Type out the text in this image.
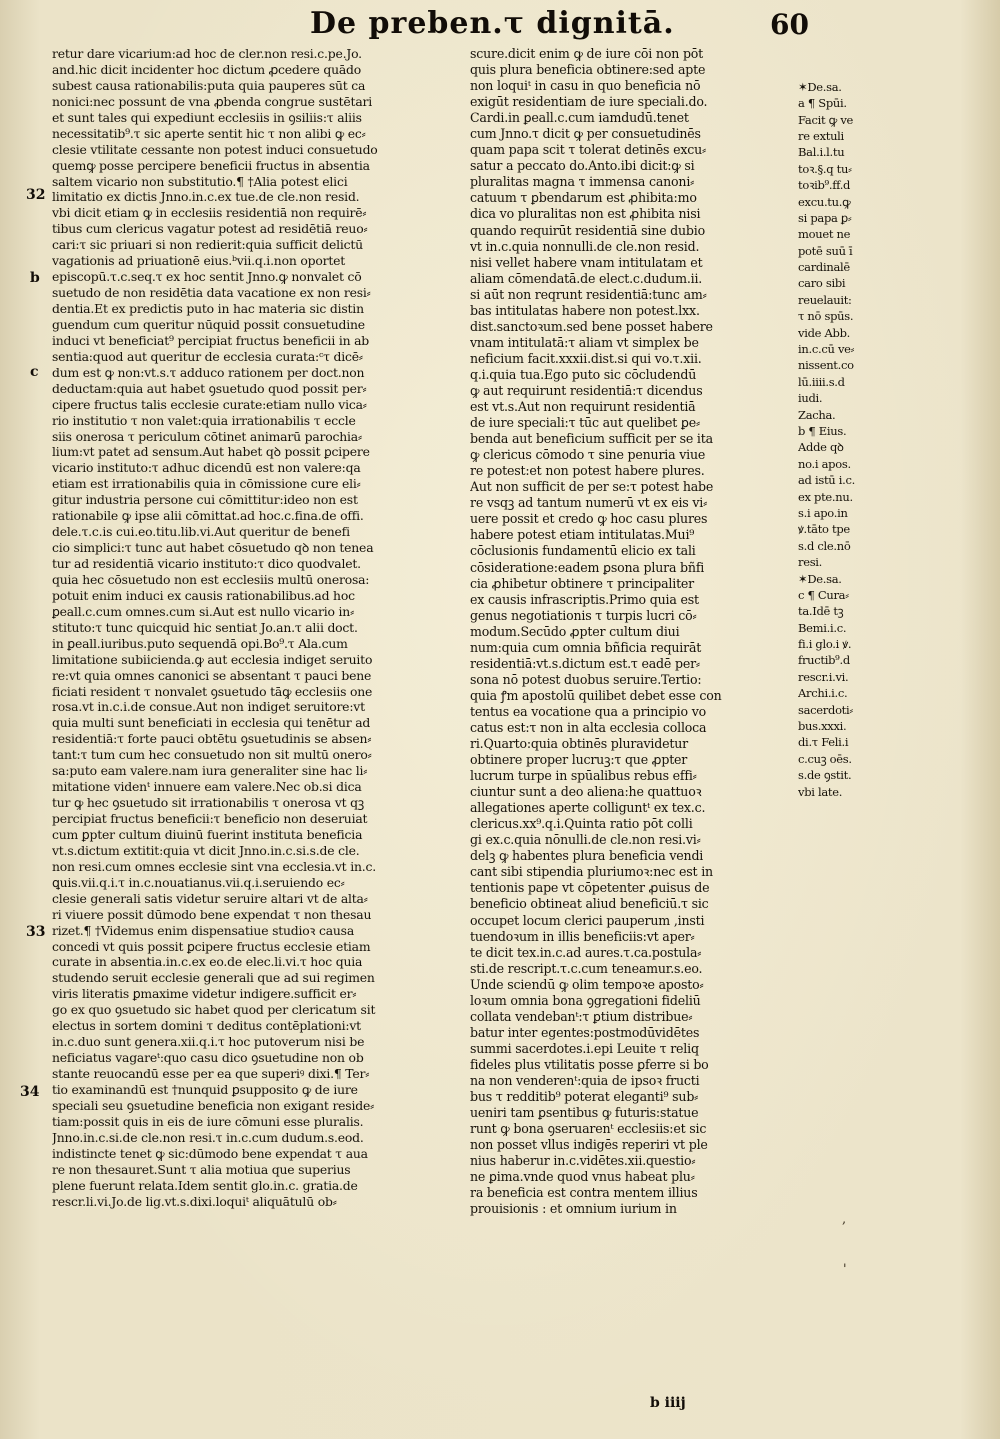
De preben.τ dignitā.	60
32
b
c
33
34
retur dare vicarium:ad hoc de cler.non resi.c.pe.Jo.
and.hic dicit incidenter hoc dictum ꝓcedere quādo
subest causa rationabilis:puta quia pauperes sūt ca
nonici:nec possunt de vna ꝓbenda congrue sustētari
et sunt tales qui expediunt ecclesiis in ꝯsiliis:τ aliis
necessitatib⁹.τ sic aperte sentit hic τ non alibi ꝙ ec⸗
clesie vtilitate cessante non potest induci consuetudo
quemꝙ posse percipere beneficii fructus in absentia
saltem vicario non substitutio.¶ †Alia potest elici
limitatio ex dictis Jnno.in.c.ex tue.de cle.non resid.
vbi dicit etiam ꝙ in ecclesiis residentiā non requirē⸗
tibus cum clericus vagatur potest ad residētiā reuo⸗
cari:τ sic priuari si non redierit:quia sufficit delictū
vagationis ad priuationē eius.ᵇvii.q.i.non oportet
episcopū.τ.c.seq.τ ex hoc sentit Jnno.ꝙ nonvalet cō
suetudo de non residētia data vacatione ex non resi⸗
dentia.Et ex predictis puto in hac materia sic distin
guendum cum queritur nūquid possit consuetudine
induci vt beneficiat⁹ percipiat fructus beneficii in ab
sentia:quod aut queritur de ecclesia curata:ᶜτ dicē⸗
dum est ꝙ non:vt.s.τ adduco rationem per doct.non
deductam:quia aut habet ꝯsuetudo quod possit per⸗
cipere fructus talis ecclesie curate:etiam nullo vica⸗
rio institutio τ non valet:quia irrationabilis τ eccle
siis onerosa τ periculum cōtinet animarū parochia⸗
lium:vt patet ad sensum.Aut habet qꝺ possit ꝑcipere
vicario instituto:τ adhuc dicendū est non valere:qa
etiam est irrationabilis quia in cōmissione cure eli⸗
gitur industria persone cui cōmittitur:ideo non est
rationabile ꝙ ipse alii cōmittat.ad hoc.c.fina.de offi.
dele.τ.c.is cui.eo.titu.lib.vi.Aut queritur de benefi
cio simplici:τ tunc aut habet cōsuetudo qꝺ non tenea
tur ad residentiā vicario instituto:τ dico quodvalet.
quia hec cōsuetudo non est ecclesiis multū onerosa:
potuit enim induci ex causis rationabilibus.ad hoc
ꝑeall.c.cum omnes.cum si.Aut est nullo vicario in⸗
stituto:τ tunc quicquid hic sentiat Jo.an.τ alii doct.
in ꝑeall.iuribus.puto sequendā opi.Bo⁹.τ Ala.cum
limitatione subiicienda.ꝙ aut ecclesia indiget seruito
re:vt quia omnes canonici se absentant τ pauci bene
ficiati resident τ nonvalet ꝯsuetudo tāꝙ ecclesiis one
rosa.vt in.c.i.de consue.Aut non indiget seruitore:vt
quia multi sunt beneficiati in ecclesia qui tenētur ad
residentiā:τ forte pauci obtētu ꝯsuetudinis se absen⸗
tant:τ tum cum hec consuetudo non sit multū onero⸗
sa:puto eam valere.nam iura generaliter sine hac li⸗
mitatione videnᵗ innuere eam valere.Nec ob.si dica
tur ꝙ hec ꝯsuetudo sit irrationabilis τ onerosa vt qꝫ
percipiat fructus beneficii:τ beneficio non deseruiat
cum ꝑpter cultum diuinū fuerint instituta beneficia
vt.s.dictum extitit:quia vt dicit Jnno.in.c.si.s.de cle.
non resi.cum omnes ecclesie sint vna ecclesia.vt in.c.
ꝗuis.vii.q.i.τ in.c.nouatianus.vii.q.i.seruiendo ec⸗
clesie generali satis videtur seruire altari vt de alta⸗
ri viuere possit dūmodo bene expendat τ non thesau
rizet.¶ †Videmus enim dispensatiue studioꝛ causa
concedi vt quis possit ꝑcipere fructus ecclesie etiam
curate in absentia.in.c.ex eo.de elec.li.vi.τ hoc quia
studendo seruit ecclesie generali que ad sui regimen
viris literatis ꝑmaxime videtur indigere.sufficit er⸗
go ex quo ꝯsuetudo sic habet quod per clericatum sit
electus in sortem domini τ deditus contēplationi:vt
in.c.duo sunt genera.xii.q.i.τ hoc putoverum nisi be
neficiatus vagareᵗ:quo casu dico ꝯsuetudine non ob
stante reuocandū esse per ea que superiꝰ dixi.¶ Ter⸗
tio examinandū est †nunquid ꝑsupposito ꝙ de iure
speciali seu ꝯsuetudine beneficia non exigant reside⸗
tiam:possit quis in eis de iure cōmuni esse pluralis.
Jnno.in.c.si.de cle.non resi.τ in.c.cum dudum.s.eod.
indistincte tenet ꝙ sic:dūmodo bene expendat τ aua
re non thesauret.Sunt τ alia motiua que superius
plene fuerunt relata.Idem sentit glo.in.c. gratia.de
rescr.li.vi.Jo.de lig.vt.s.dixi.loquiᵗ aliquātulū ob⸗
scure.dicit enim ꝙ de iure cōi non pōt
quis plura beneficia obtinere:sed apte
non loquiᵗ in casu in quo beneficia nō
exigūt residentiam de iure speciali.do.
Cardi.in ꝑeall.c.cum iamdudū.tenet
cum Jnno.τ dicit ꝙ per consuetudinēs
quam papa scit τ tolerat detinēs excu⸗
satur a peccato do.Anto.ibi dicit:ꝙ si
pluralitas magna τ immensa canoni⸗
catuum τ ꝑbendarum est ꝓhibita:mo
dica vo pluralitas non est ꝓhibita nisi
quando requirūt residentiā sine dubio
vt in.c.quia nonnulli.de cle.non resid.
nisi vellet habere vnam intitulatam et
aliam cōmendatā.de elect.c.dudum.ii.
si aūt non reqrunt residentiā:tunc am⸗
bas intitulatas habere non potest.lxx.
dist.sanctoꝛum.sed bene posset habere
vnam intitulatā:τ aliam vt simplex be
neficium facit.xxxii.dist.si qui vo.τ.xii.
q.i.quia tua.Ego puto sic cōcludendū
ꝙ aut requirunt residentiā:τ dicendus
est vt.s.Aut non requirunt residentiā
de iure speciali:τ tūc aut quelibet ꝑe⸗
benda aut beneficium sufficit per se ita
ꝙ clericus cōmodo τ sine penuria viue
re potest:et non potest habere plures.
Aut non sufficit de per se:τ potest habe
re vsqꝫ ad tantum numerū vt ex eis vi⸗
uere possit et credo ꝙ hoc casu plures
habere potest etiam intitulatas.Mui⁹
cōclusionis fundamentū elicio ex tali
cōsideratione:eadem ꝑsona plura bñfi
cia ꝓhibetur obtinere τ principaliter
ex causis infrascriptis.Primo quia est
genus negotiationis τ turpis lucri cō⸗
modum.Secūdo ꝓpter cultum diui
num:quia cum omnia bñficia requirāt
residentiā:vt.s.dictum est.τ eadē per⸗
sona nō potest duobus seruire.Tertio:
quia ꝭm apostolū quilibet debet esse con
tentus ea vocatione qua a principio vo
catus est:τ non in alta ecclesia colloca
ri.Quarto:quia obtinēs pluravidetur
obtinere proper lucruꝫ:τ que ꝓpter
lucrum turpe in spūalibus rebus effi⸗
ciuntur sunt a deo aliena:he quattuoꝛ
allegationes aperte colliguntᵗ ex tex.c.
clericus.xx⁹.q.i.Quinta ratio pōt colli
gi ex.c.quia nōnulli.de cle.non resi.vi⸗
delꝫ ꝙ habentes plura beneficia vendi
cant sibi stipendia pluriumoꝛ:nec est in
tentionis pape vt cōpetenter ꝓuisus de
beneficio obtineat aliud beneficiū.τ sic
occupet locum clerici pauperum ,insti
tuendoꝛum in illis beneficiis:vt aper⸗
te dicit tex.in.c.ad aures.τ.ca.postula⸗
sti.de rescript.τ.c.cum teneamur.s.eo.
Unde sciendū ꝙ olim tempoꝛe aposto⸗
loꝛum omnia bona ꝯgregationi fideliū
collata vendebanᵗ:τ ꝑtium distribue⸗
batur inter egentes:postmodūvidētes
summi sacerdotes.i.epi Leuite τ reliq
fideles plus vtilitatis posse ꝑferre si bo
na non venderenᵗ:quia de ipsoꝛ fructi
bus τ redditib⁹ poterat eleganti⁹ sub⸗
ueniri tam ꝑsentibus ꝙ futuris:statue
runt ꝙ bona ꝯseruarenᵗ ecclesiis:et sic
non posset vllus indigēs reperiri vt ple
nius haberur in.c.vidētes.xii.questio⸗
ne ꝑima.vnde quod vnus habeat plu⸗
ra beneficia est contra mentem illius
prouisionis : et omnium iurium in
✶De.sa.
a ¶ Spūi.
Facit ꝙ ve
re extuli
Bal.i.l.tu
toꝛ.§.q tu⸗
toꝛib⁹.ff.d
excu.tu.ꝙ
si papa ꝑ⸗
mouet ne
potē suū ī
cardinalē
caro sibi
reuelauit:
τ nō spūs.
vide Abb.
in.c.cū ve⸗
nissent.co
lū.iiii.s.d
iudi.
Zacha.
b ¶ Eius.
Adde qꝺ
no.i apos.
ad istū i.c.
ex pte.nu.
s.i apo.in
ꝟ.tāto tpe
s.d cle.nō
resi.
✶De.sa.
c ¶ Cura⸗
ta.Idē tꝫ
Bemi.i.c.
fi.i glo.i ꝟ.
fructib⁹.d
rescr.i.vi.
Archi.i.c.
sacerdoti⸗
bus.xxxi.
di.τ Feli.i
c.cuꝫ oēs.
s.de ꝯstit.
vbi late.
,
'
b iiij
